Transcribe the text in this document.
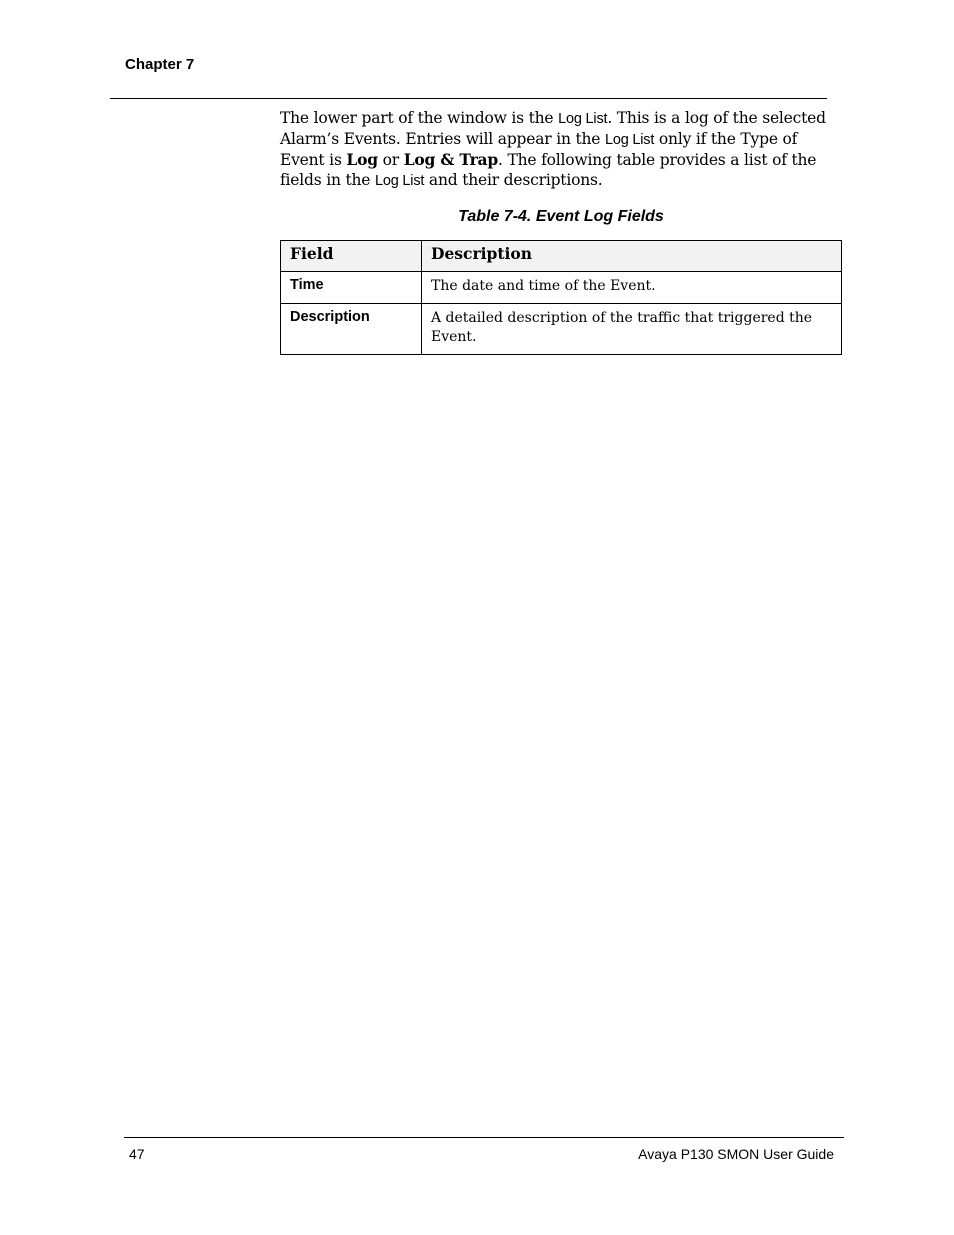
Chapter 7

The lower part of the window is the Log List. This is a log of the selected Alarm’s Events. Entries will appear in the Log List only if the Type of Event is Log or Log & Trap. The following table provides a list of the fields in the Log List and their descriptions.

Table 7-4. Event Log Fields
Field	Description
Time	The date and time of the Event.
Description	A detailed description of the traffic that triggered the Event.
47	Avaya P130 SMON User Guide
